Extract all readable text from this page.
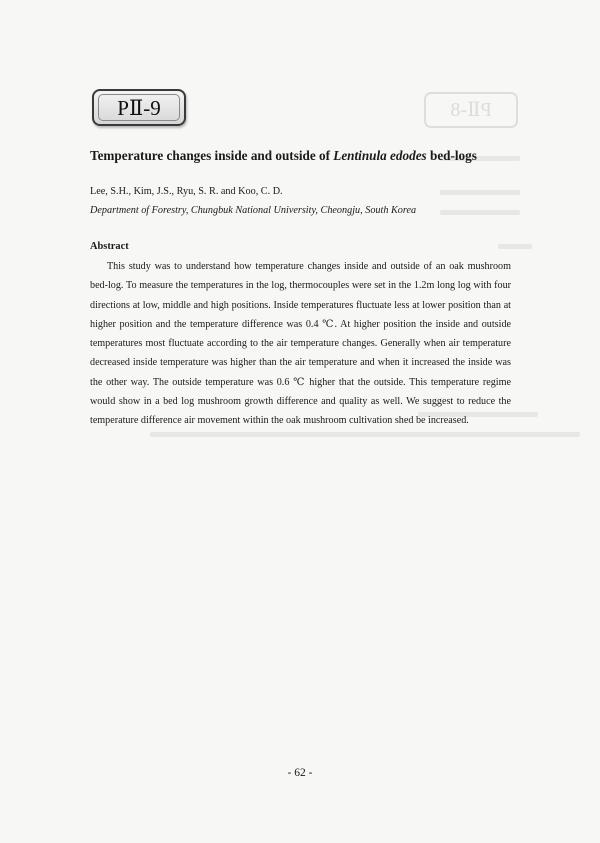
PⅡ-8
PⅡ-9
Temperature changes inside and outside of Lentinula edodes bed-logs
Lee, S.H., Kim, J.S., Ryu, S. R. and Koo, C. D.
Department of Forestry, Chungbuk National University, Cheongju, South Korea
Abstract
This study was to understand how temperature changes inside and outside of an oak mushroom bed-log. To measure the temperatures in the log, thermocouples were set in the 1.2m long log with four directions at low, middle and high positions. Inside temperatures fluctuate less at lower position than at higher position and the temperature difference was 0.4 ℃. At higher position the inside and outside temperatures most fluctuate according to the air temperature changes. Generally when air temperature decreased inside temperature was higher than the air temperature and when it increased the inside was the other way. The outside temperature was 0.6 ℃ higher that the outside. This temperature regime would show in a bed log mushroom growth difference and quality as well. We suggest to reduce the temperature difference air movement within the oak mushroom cultivation shed be increased.
- 62 -
